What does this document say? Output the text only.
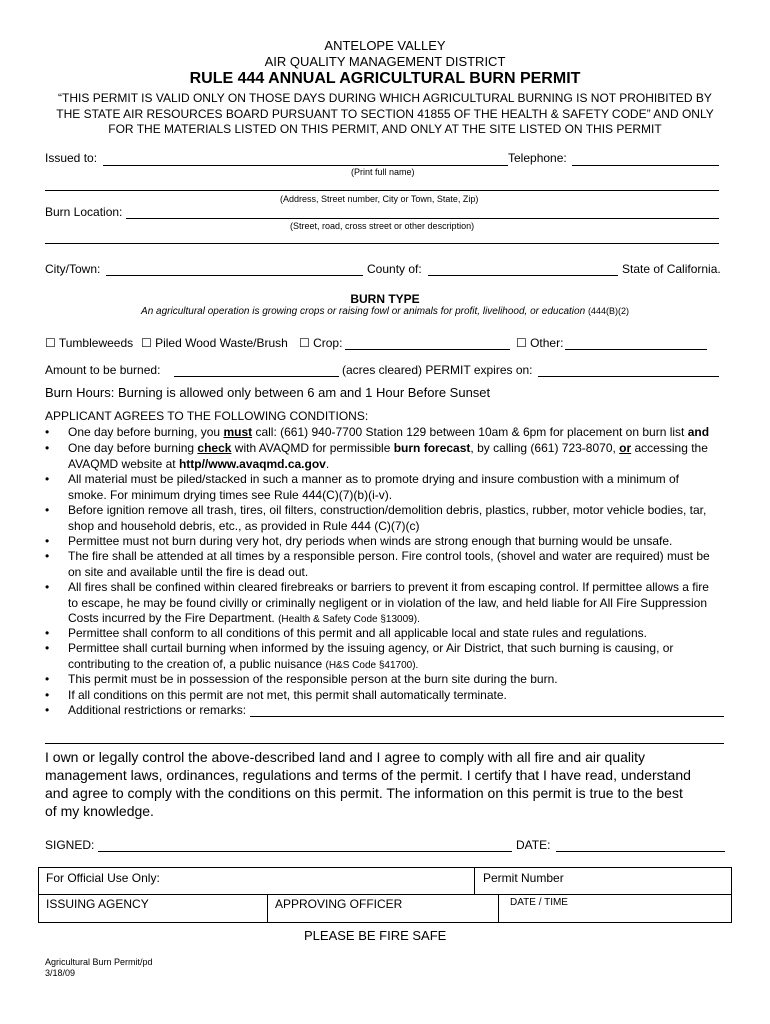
ANTELOPE VALLEY
AIR QUALITY MANAGEMENT DISTRICT
RULE 444 ANNUAL AGRICULTURAL BURN PERMIT
“THIS PERMIT IS VALID ONLY ON THOSE DAYS DURING WHICH AGRICULTURAL BURNING IS NOT PROHIBITED BY
THE STATE AIR RESOURCES BOARD PURSUANT TO SECTION 41855 OF THE HEALTH & SAFETY CODE” AND ONLY
FOR THE MATERIALS LISTED ON THIS PERMIT, AND ONLY AT THE SITE LISTED ON THIS PERMIT
Issued to:	Telephone:
(Print full name)
(Address, Street number, City or Town, State, Zip)
Burn Location:
(Street, road, cross street or other description)
City/Town:	County of:	State of California.
BURN TYPE
An agricultural operation is growing crops or raising fowl or animals for profit, livelihood, or education (444(B)(2)
☐ Tumbleweeds ☐ Piled Wood Waste/Brush ☐ Crop:	☐ Other:
Amount to be burned:	(acres cleared) PERMIT expires on:
Burn Hours: Burning is allowed only between 6 am and 1 Hour Before Sunset
APPLICANT AGREES TO THE FOLLOWING CONDITIONS:
• One day before burning, you must call: (661) 940-7700 Station 129 between 10am & 6pm for placement on burn list and
• One day before burning check with AVAQMD for permissible burn forecast, by calling (661) 723-8070, or accessing the
AVAQMD website at http//www.avaqmd.ca.gov.
• All material must be piled/stacked in such a manner as to promote drying and insure combustion with a minimum of
smoke. For minimum drying times see Rule 444(C)(7)(b)(i-v).
• Before ignition remove all trash, tires, oil filters, construction/demolition debris, plastics, rubber, motor vehicle bodies, tar,
shop and household debris, etc., as provided in Rule 444 (C)(7)(c)
• Permittee must not burn during very hot, dry periods when winds are strong enough that burning would be unsafe.
• The fire shall be attended at all times by a responsible person. Fire control tools, (shovel and water are required) must be
on site and available until the fire is dead out.
• All fires shall be confined within cleared firebreaks or barriers to prevent it from escaping control. If permittee allows a fire
to escape, he may be found civilly or criminally negligent or in violation of the law, and held liable for All Fire Suppression
Costs incurred by the Fire Department. (Health & Safety Code §13009).
• Permittee shall conform to all conditions of this permit and all applicable local and state rules and regulations.
• Permittee shall curtail burning when informed by the issuing agency, or Air District, that such burning is causing, or
contributing to the creation of, a public nuisance (H&S Code §41700).
• This permit must be in possession of the responsible person at the burn site during the burn.
• If all conditions on this permit are not met, this permit shall automatically terminate.
• Additional restrictions or remarks:
I own or legally control the above-described land and I agree to comply with all fire and air quality
management laws, ordinances, regulations and terms of the permit. I certify that I have read, understand
and agree to comply with the conditions on this permit. The information on this permit is true to the best
of my knowledge.
SIGNED:	DATE:
For Official Use Only:	Permit Number
ISSUING AGENCY	APPROVING OFFICER	DATE / TIME
PLEASE BE FIRE SAFE
Agricultural Burn Permit/pd
3/18/09
